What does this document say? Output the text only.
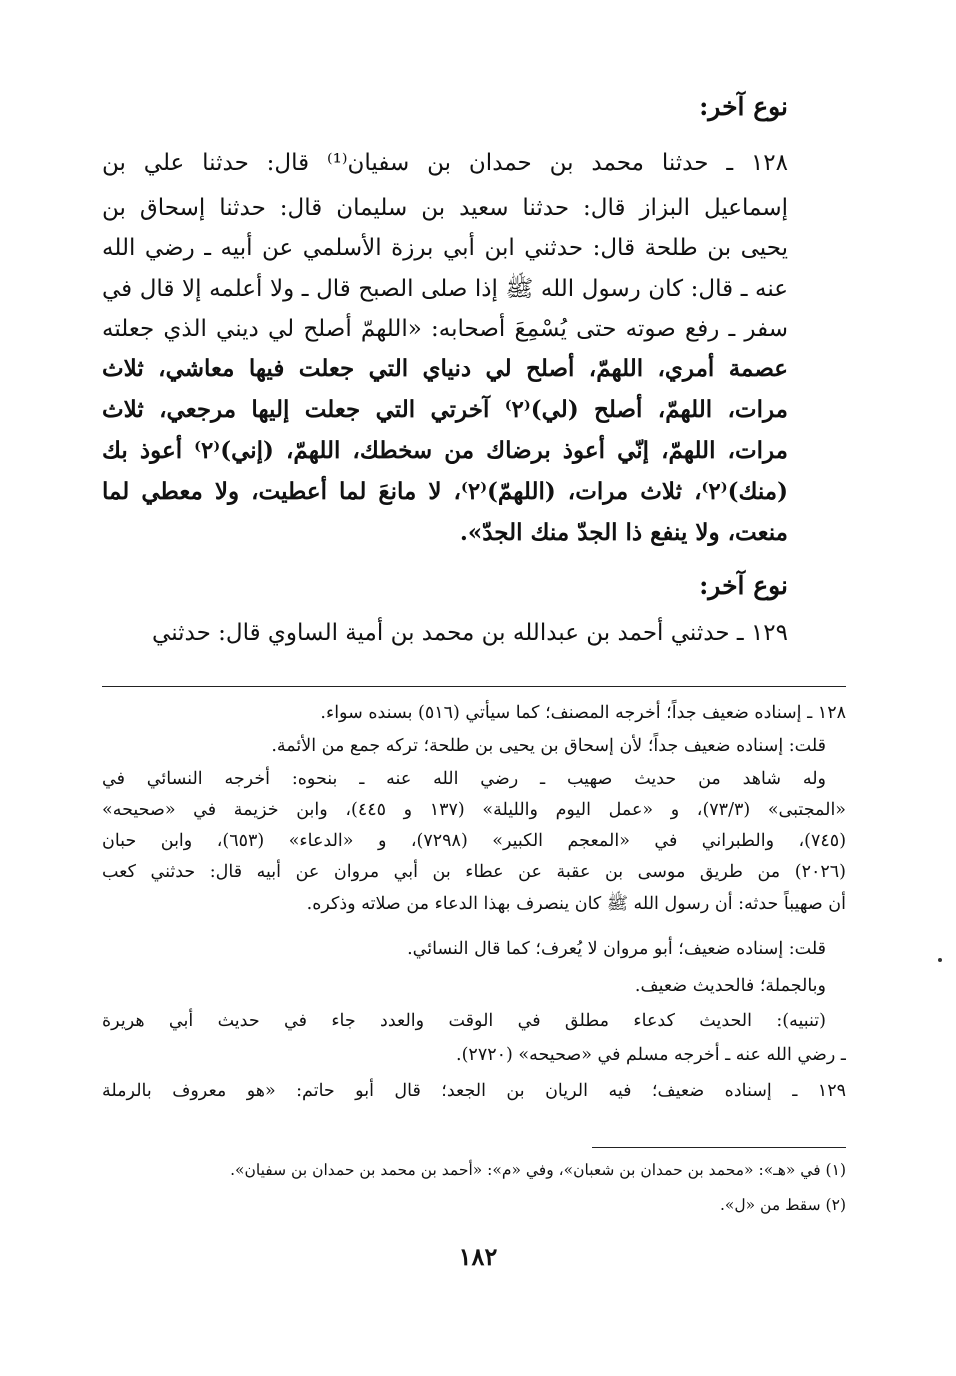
نوع آخر:
١٢٨ ـ حدثنا محمد بن حمدان بن سفيان⁽¹⁾ قال: حدثنا علي بن
إسماعيل البزاز قال: حدثنا سعيد بن سليمان قال: حدثنا إسحاق بن
يحيى بن طلحة قال: حدثني ابن أبي برزة الأسلمي عن أبيه ـ رضي الله
عنه ـ قال: كان رسول الله ﷺ إذا صلى الصبح قال ـ ولا أعلمه إلا قال في
سفر ـ رفع صوته حتى يُسْمِعَ أصحابه: «اللهمّ أصلح لي ديني الذي جعلته
عصمة أمري، اللهمّ، أصلح لي دنياي التي جعلت فيها معاشي، ثلاث
مرات، اللهمّ، أصلح (لي)⁽٢⁾ آخرتي التي جعلت إليها مرجعي، ثلاث
مرات، اللهمّ، إنّي أعوذ برضاك من سخطك، اللهمّ، (إني)⁽٢⁾ أعوذ بك
(منك)⁽٢⁾، ثلاث مرات، (اللهمّ)⁽٢⁾، لا مانعَ لما أعطيت، ولا معطي لما
منعت، ولا ينفع ذا الجدّ منك الجدّ».
نوع آخر:
١٢٩ ـ حدثني أحمد بن عبدالله بن محمد بن أمية الساوي قال: حدثني
١٢٨ ـ إسناده ضعيف جداً؛ أخرجه المصنف؛ كما سيأتي (٥١٦) بسنده سواء.
قلت: إسناده ضعيف جداً؛ لأن إسحاق بن يحيى بن طلحة؛ تركه جمع من الأئمة.
وله شاهد من حديث صهيب ـ رضي الله عنه ـ بنحوه: أخرجه النسائي في
«المجتبى» (٧٣/٣)، و «عمل اليوم والليلة» (١٣٧ و ٤٤٥)، وابن خزيمة في «صحيحه»
(٧٤٥)، والطبراني في «المعجم الكبير» (٧٢٩٨)، و «الدعاء» (٦٥٣)، وابن حبان
(٢٠٢٦) من طريق موسى بن عقبة عن عطاء بن أبي مروان عن أبيه قال: حدثني كعب
أن صهيباً حدثه: أن رسول الله ﷺ كان ينصرف بهذا الدعاء من صلاته وذكره.
قلت: إسناده ضعيف؛ أبو مروان لا يُعرف؛ كما قال النسائي.
وبالجملة؛ فالحديث ضعيف.
(تنبيه): الحديث كدعاء مطلق في الوقت والعدد جاء في حديث أبي هريرة
ـ رضي الله عنه ـ أخرجه مسلم في «صحيحه» (٢٧٢٠).
١٢٩ ـ إسناده ضعيف؛ فيه الريان بن الجعد؛ قال أبو حاتم: «هو معروف بالرملة
(١) في «هـ»: «محمد بن حمدان بن شعبان»، وفي «م»: «أحمد بن محمد بن حمدان بن سفيان».
(٢) سقط من «ل».
١٨٢
